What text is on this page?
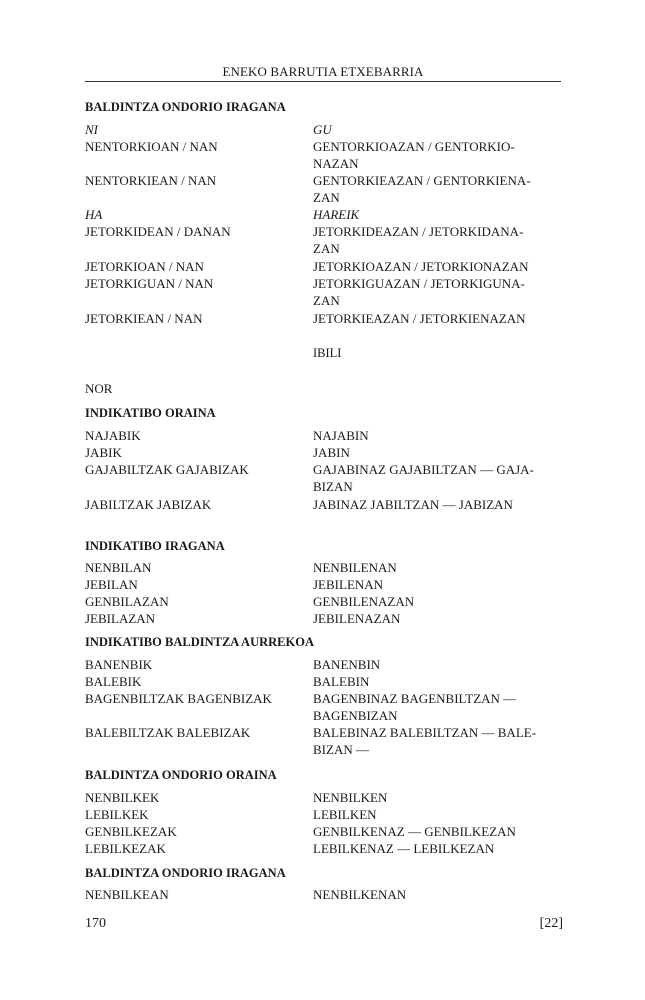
ENEKO BARRUTIA ETXEBARRIA
BALDINTZA ONDORIO IRAGANA
NI	GU
NENTORKIOAN / NAN	GENTORKIOAZAN / GENTORKIO-
NAZAN
NENTORKIEAN / NAN	GENTORKIEAZAN / GENTORKIENA-
ZAN
HA	HAREIK
JETORKIDEAN / DANAN	JETORKIDEAZAN / JETORKIDANA-
ZAN
JETORKIOAN / NAN	JETORKIOAZAN / JETORKIONAZAN
JETORKIGUAN / NAN	JETORKIGUAZAN / JETORKIGUNA-
ZAN
JETORKIEAN / NAN	JETORKIEAZAN / JETORKIENAZAN
IBILI
NOR
INDIKATIBO ORAINA
NAJABIK	NAJABIN
JABIK	JABIN
GAJABILTZAK GAJABIZAK	GAJABINAZ GAJABILTZAN — GAJA-
BIZAN
JABILTZAK JABIZAK	JABINAZ JABILTZAN — JABIZAN
INDIKATIBO IRAGANA
NENBILAN	NENBILENAN
JEBILAN	JEBILENAN
GENBILAZAN	GENBILENAZAN
JEBILAZAN	JEBILENAZAN
INDIKATIBO BALDINTZA AURREKOA
BANENBIK	BANENBIN
BALEBIK	BALEBIN
BAGENBILTZAK BAGENBIZAK	BAGENBINAZ BAGENBILTZAN —
BAGENBIZAN
BALEBILTZAK BALEBIZAK	BALEBINAZ BALEBILTZAN — BALE-
BIZAN —
BALDINTZA ONDORIO ORAINA
NENBILKEK	NENBILKEN
LEBILKEK	LEBILKEN
GENBILKEZAK	GENBILKENAZ — GENBILKEZAN
LEBILKEZAK	LEBILKENAZ — LEBILKEZAN
BALDINTZA ONDORIO IRAGANA
NENBILKEAN	NENBILKENAN
170	[22]
